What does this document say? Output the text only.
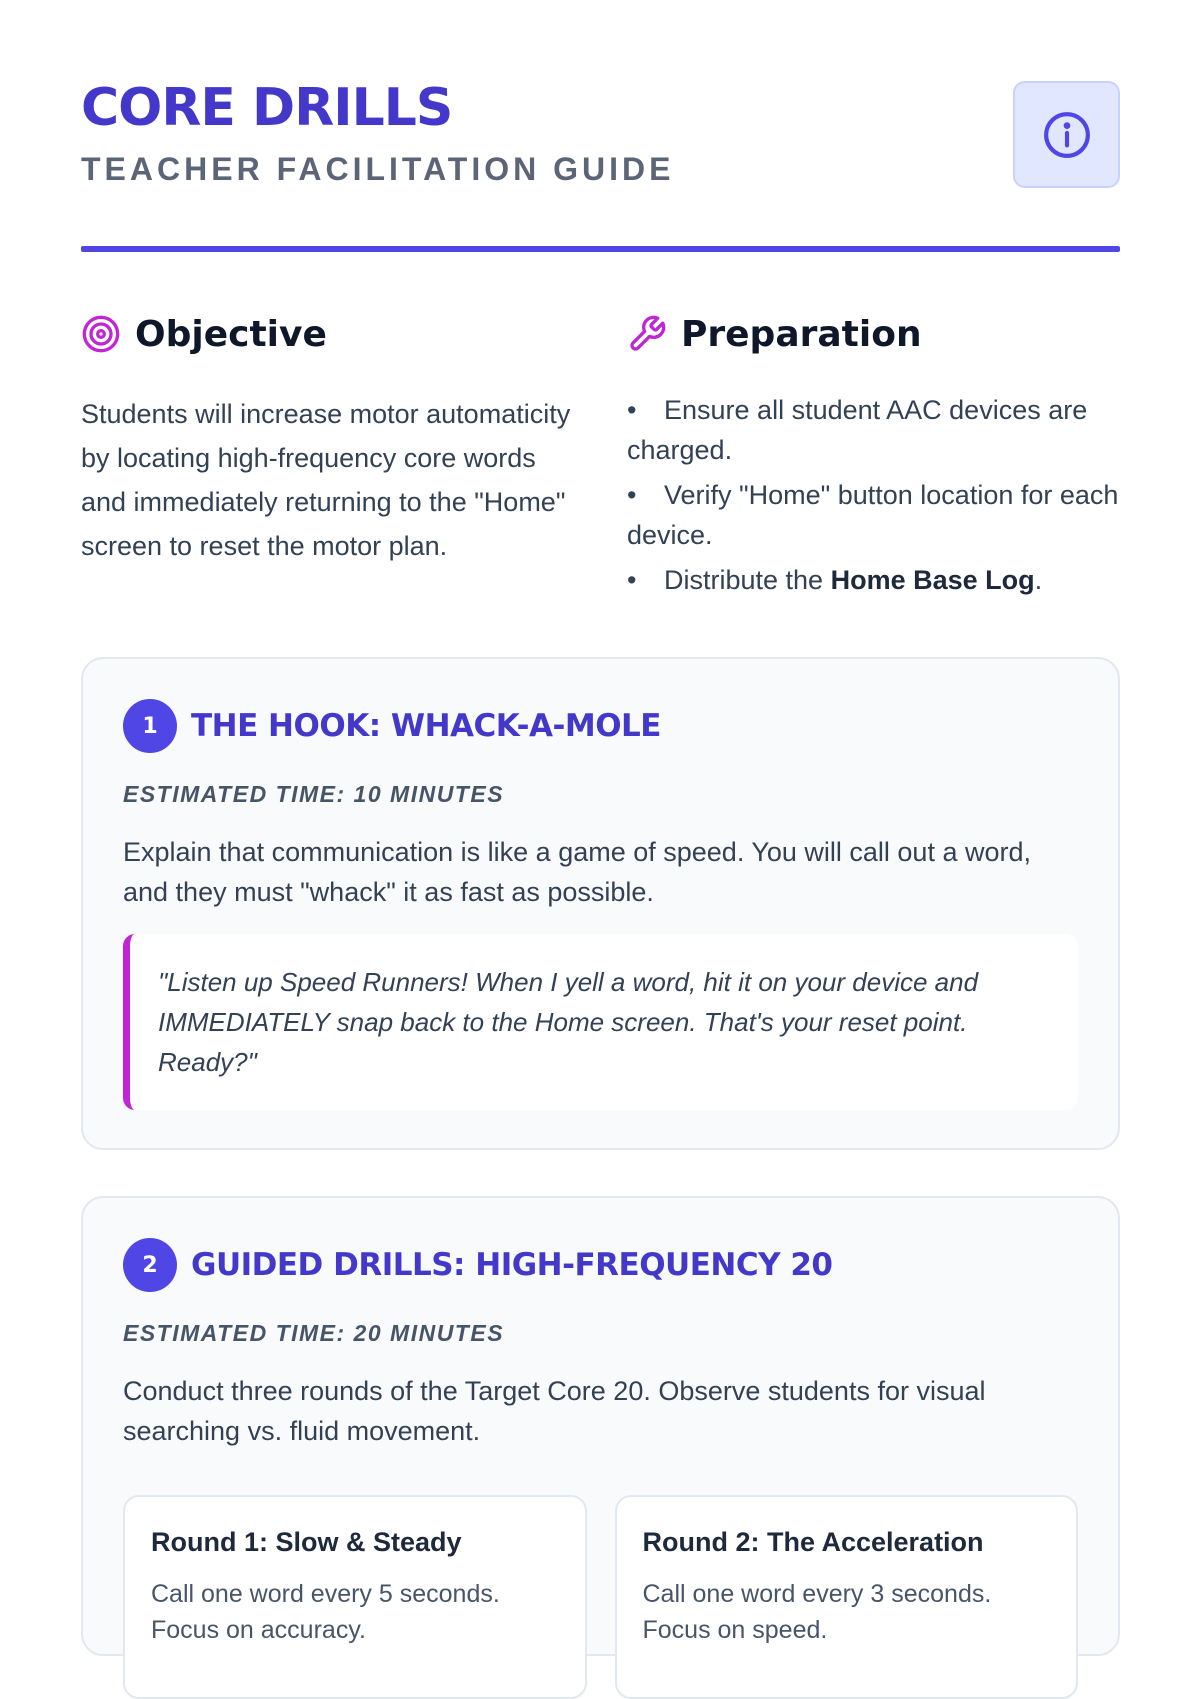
CORE DRILLS
TEACHER FACILITATION GUIDE
Objective

Students will increase motor automaticity by locating high-frequency core words and immediately returning to the "Home" screen to reset the motor plan.

Preparation
•Ensure all student AAC devices are charged.
•Verify "Home" button location for each device.
•Distribute the Home Base Log.
1	THE HOOK: WHACK-A-MOLE
ESTIMATED TIME: 10 MINUTES
Explain that communication is like a game of speed. You will call out a word, and they must "whack" it as fast as possible.
"Listen up Speed Runners! When I yell a word, hit it on your device and IMMEDIATELY snap back to the Home screen. That's your reset point. Ready?"
2	GUIDED DRILLS: HIGH-FREQUENCY 20
ESTIMATED TIME: 20 MINUTES
Conduct three rounds of the Target Core 20. Observe students for visual searching vs. fluid movement.
Round 1: Slow & Steady

Call one word every 5 seconds. Focus on accuracy.

Round 2: The Acceleration

Call one word every 3 seconds. Focus on speed.
